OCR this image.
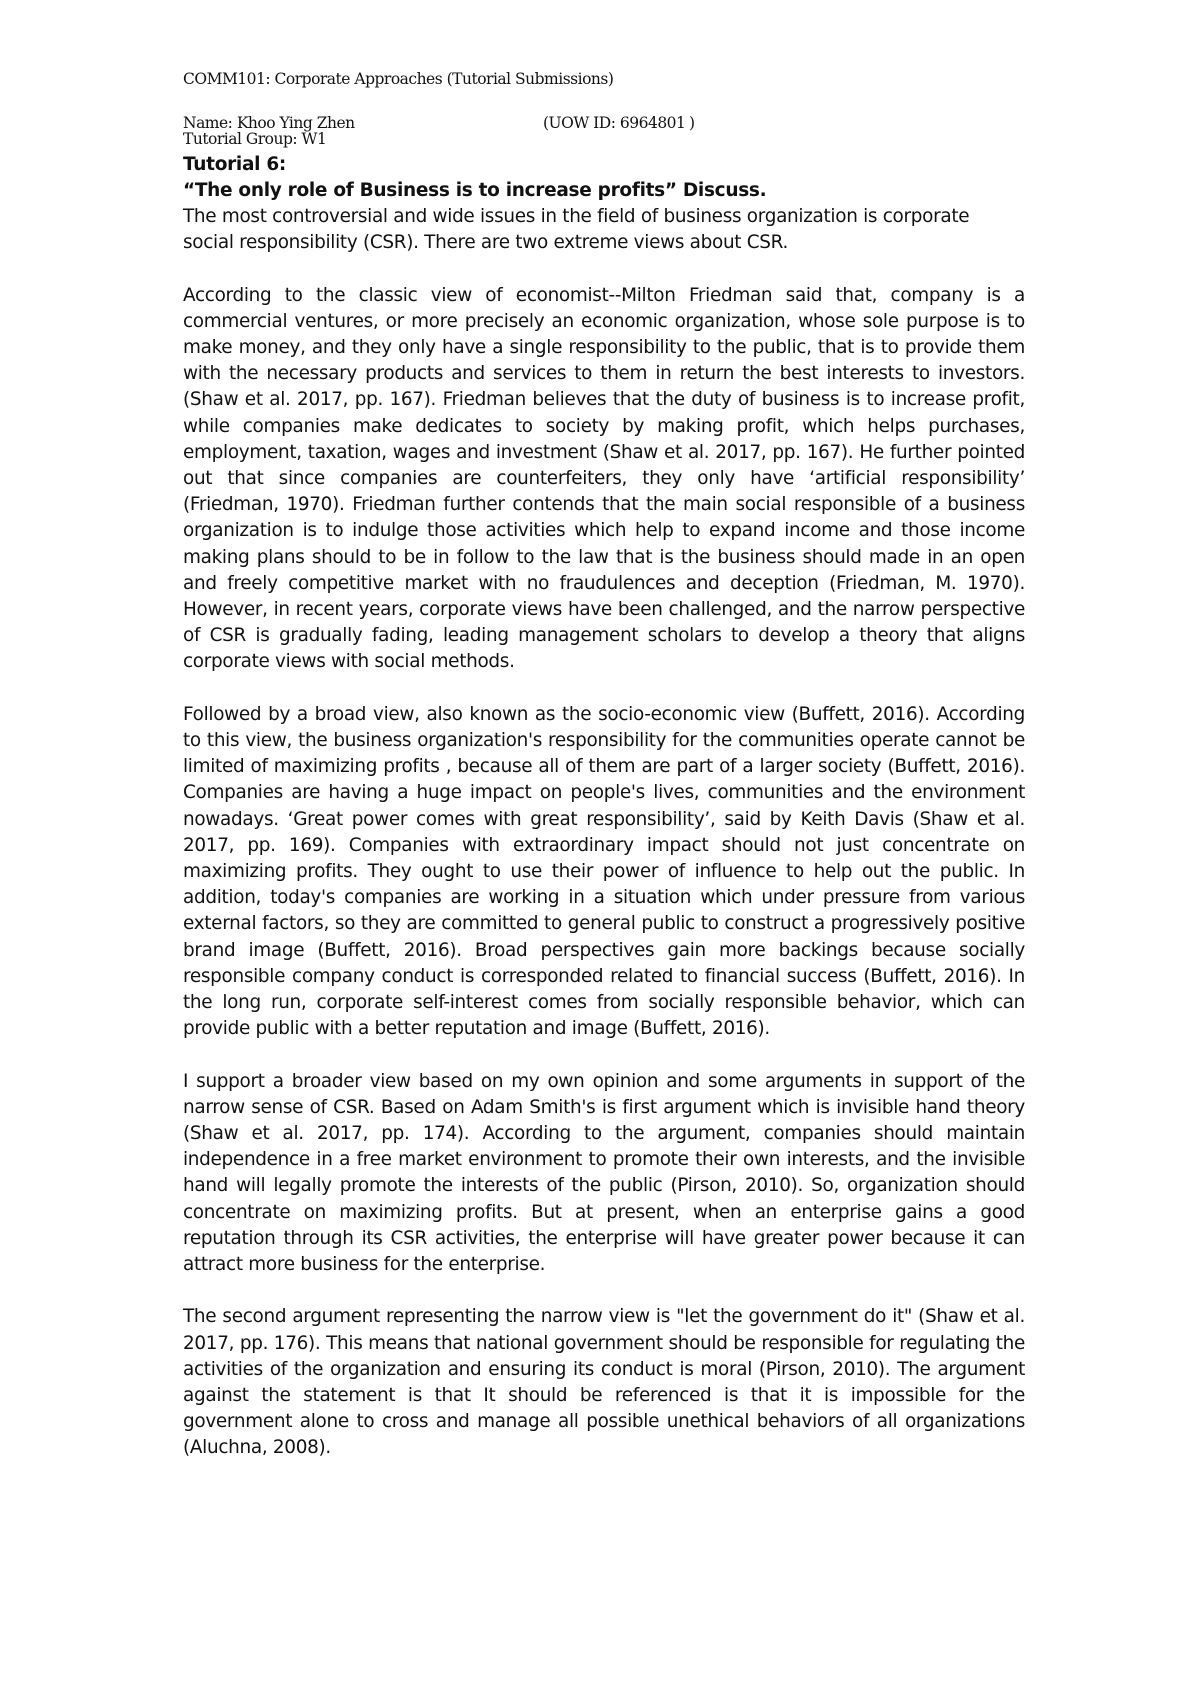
COMM101: Corporate Approaches (Tutorial Submissions)
Name: Khoo Ying Zhen	(UOW ID: 6964801 )
Tutorial Group: W1
Tutorial 6:
“The only role of Business is to increase profits” Discuss.

The most controversial and wide issues in the field of business organization is corporate social responsibility (CSR). There are two extreme views about CSR.

According to the classic view of economist--Milton Friedman said that, company is a commercial ventures, or more precisely an economic organization, whose sole purpose is to make money, and they only have a single responsibility to the public, that is to provide them with the necessary products and services to them in return the best interests to investors. (Shaw et al. 2017, pp. 167). Friedman believes that the duty of business is to increase profit, while companies make dedicates to society by making profit, which helps purchases, employment, taxation, wages and investment (Shaw et al. 2017, pp. 167). He further pointed out that since companies are counterfeiters, they only have ‘artificial responsibility’ (Friedman, 1970). Friedman further contends that the main social responsible of a business organization is to indulge those activities which help to expand income and those income making plans should to be in follow to the law that is the business should made in an open and freely competitive market with no fraudulences and deception (Friedman, M. 1970). However, in recent years, corporate views have been challenged, and the narrow perspective of CSR is gradually fading, leading management scholars to develop a theory that aligns corporate views with social methods.

Followed by a broad view, also known as the socio-economic view (Buffett, 2016). According to this view, the business organization's responsibility for the communities operate cannot be limited of maximizing profits , because all of them are part of a larger society (Buffett, 2016). Companies are having a huge impact on people's lives, communities and the environment nowadays. ‘Great power comes with great responsibility’, said by Keith Davis (Shaw et al. 2017, pp. 169). Companies with extraordinary impact should not just concentrate on maximizing profits. They ought to use their power of influence to help out the public. In addition, today's companies are working in a situation which under pressure from various external factors, so they are committed to general public to construct a progressively positive brand image (Buffett, 2016). Broad perspectives gain more backings because socially responsible company conduct is corresponded related to financial success (Buffett, 2016). In the long run, corporate self-interest comes from socially responsible behavior, which can provide public with a better reputation and image (Buffett, 2016).

I support a broader view based on my own opinion and some arguments in support of the narrow sense of CSR. Based on Adam Smith's is first argument which is invisible hand theory (Shaw et al. 2017, pp. 174). According to the argument, companies should maintain independence in a free market environment to promote their own interests, and the invisible hand will legally promote the interests of the public (Pirson, 2010). So, organization should concentrate on maximizing profits. But at present, when an enterprise gains a good reputation through its CSR activities, the enterprise will have greater power because it can attract more business for the enterprise.

The second argument representing the narrow view is "let the government do it" (Shaw et al. 2017, pp. 176). This means that national government should be responsible for regulating the activities of the organization and ensuring its conduct is moral (Pirson, 2010). The argument against the statement is that It should be referenced is that it is impossible for the government alone to cross and manage all possible unethical behaviors of all organizations (Aluchna, 2008).
